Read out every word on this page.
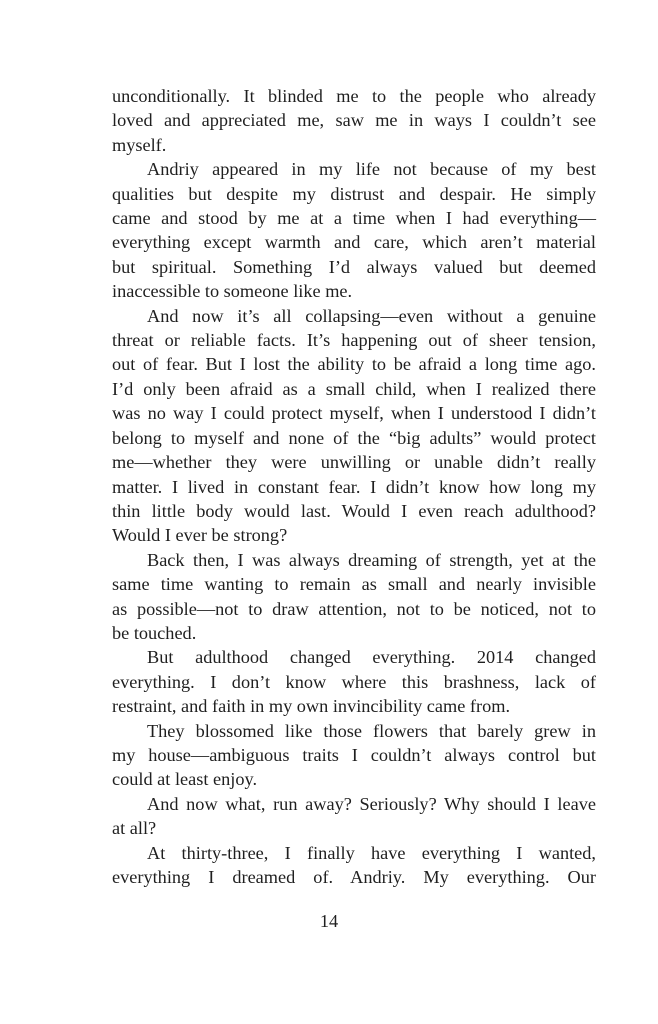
unconditionally. It blinded me to the people who already
loved and appreciated me, saw me in ways I couldn’t see
myself.
Andriy appeared in my life not because of my best
qualities but despite my distrust and despair. He simply
came and stood by me at a time when I had everything—
everything except warmth and care, which aren’t material
but spiritual. Something I’d always valued but deemed
inaccessible to someone like me.
And now it’s all collapsing—even without a genuine
threat or reliable facts. It’s happening out of sheer tension,
out of fear. But I lost the ability to be afraid a long time ago.
I’d only been afraid as a small child, when I realized there
was no way I could protect myself, when I understood I didn’t
belong to myself and none of the “big adults” would protect
me—whether they were unwilling or unable didn’t really
matter. I lived in constant fear. I didn’t know how long my
thin little body would last. Would I even reach adulthood?
Would I ever be strong?
Back then, I was always dreaming of strength, yet at the
same time wanting to remain as small and nearly invisible
as possible—not to draw attention, not to be noticed, not to
be touched.
But adulthood changed everything. 2014 changed
everything. I don’t know where this brashness, lack of
restraint, and faith in my own invincibility came from.
They blossomed like those flowers that barely grew in
my house—ambiguous traits I couldn’t always control but
could at least enjoy.
And now what, run away? Seriously? Why should I leave
at all?
At thirty-three, I finally have everything I wanted,
everything I dreamed of. Andriy. My everything. Our
14
